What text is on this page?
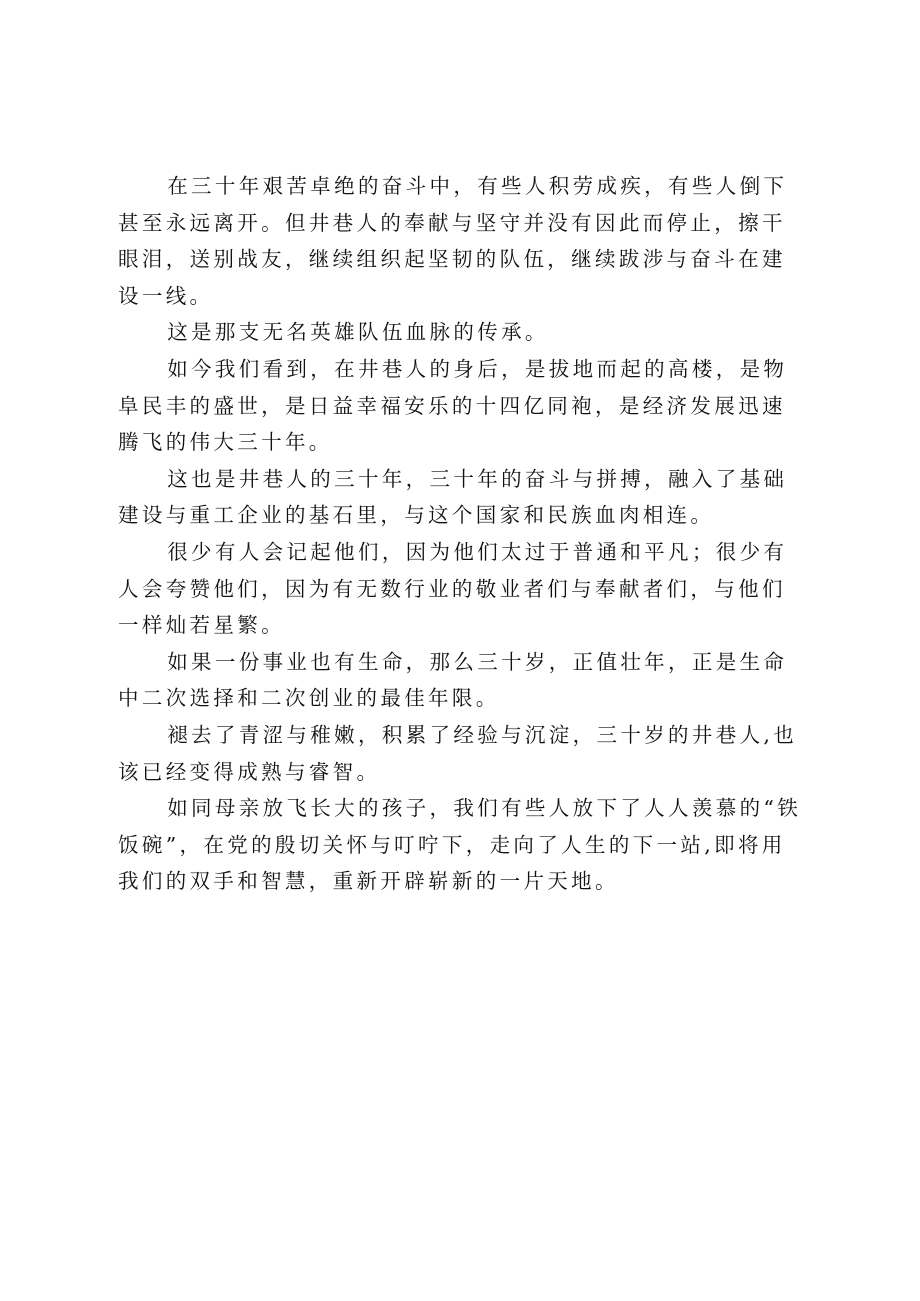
在三十年艰苦卓绝的奋斗中，有些人积劳成疾，有些人倒下甚至永远离开。但井巷人的奉献与坚守并没有因此而停止，擦干眼泪，送别战友，继续组织起坚韧的队伍，继续跋涉与奋斗在建设一线。

这是那支无名英雄队伍血脉的传承。

如今我们看到，在井巷人的身后，是拔地而起的高楼，是物阜民丰的盛世，是日益幸福安乐的十四亿同袍，是经济发展迅速腾飞的伟大三十年。

这也是井巷人的三十年，三十年的奋斗与拼搏，融入了基础建设与重工企业的基石里，与这个国家和民族血肉相连。

很少有人会记起他们，因为他们太过于普通和平凡；很少有人会夸赞他们，因为有无数行业的敬业者们与奉献者们，与他们一样灿若星繁。

如果一份事业也有生命，那么三十岁，正值壮年，正是生命中二次选择和二次创业的最佳年限。

褪去了青涩与稚嫩，积累了经验与沉淀，三十岁的井巷人,也该已经变得成熟与睿智。

如同母亲放飞长大的孩子，我们有些人放下了人人羡慕的“铁饭碗”，在党的殷切关怀与叮咛下，走向了人生的下一站,即将用我们的双手和智慧，重新开辟崭新的一片天地。
